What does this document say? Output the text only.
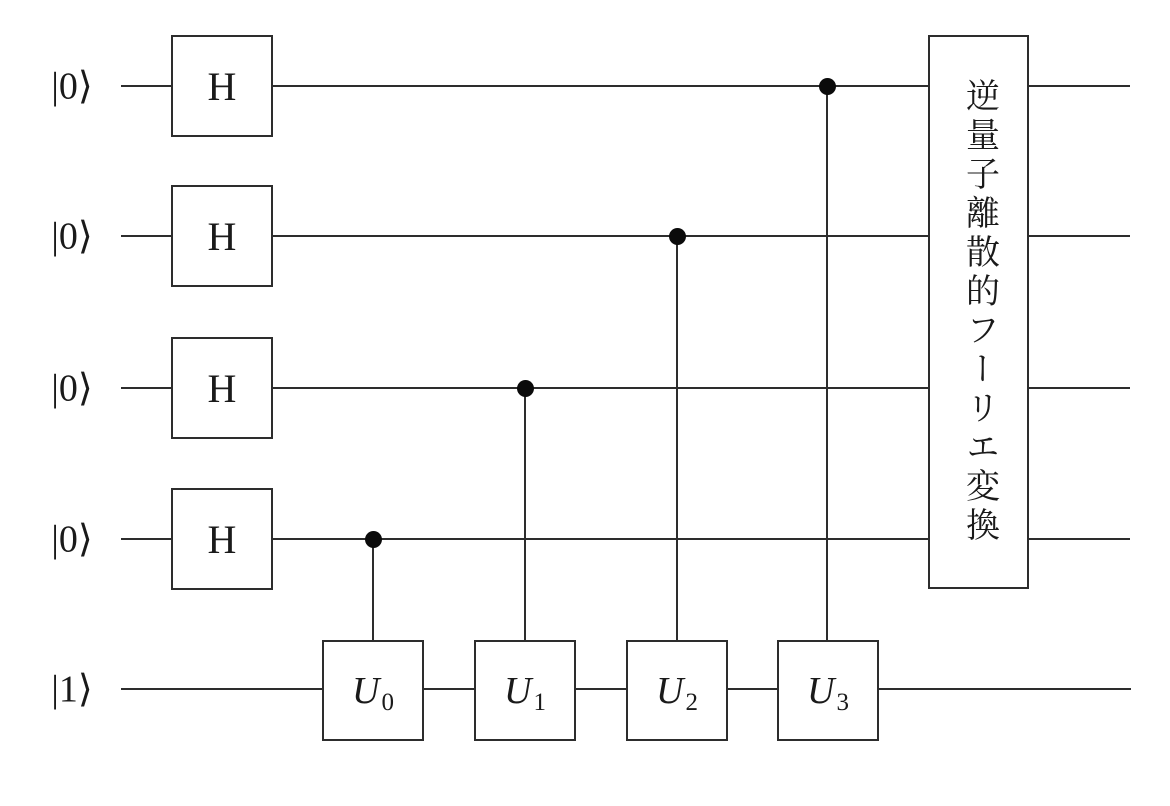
|0⟩
|0⟩
|0⟩
|0⟩
|1⟩
H
H
H
H
U 0	U 1	U 2	U 3
逆量子離散的フーリエ変換
